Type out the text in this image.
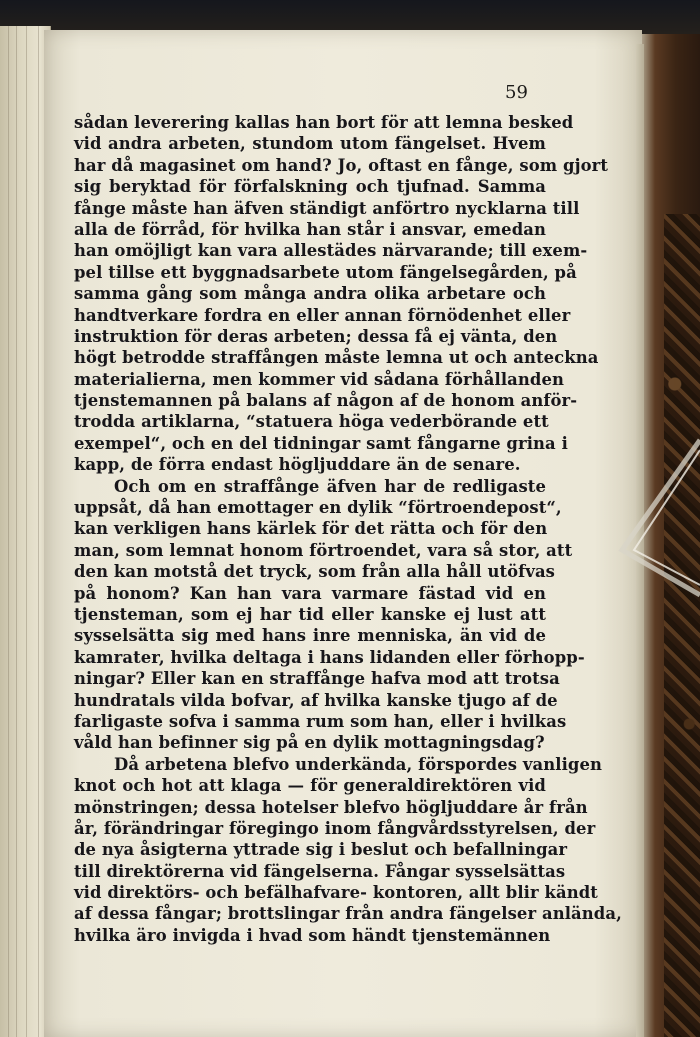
59
sådan leverering kallas han bort för att lemna besked
vid andra arbeten, stundom utom fängelset. Hvem
har då magasinet om hand? Jo, oftast en fånge, som gjort
sig beryktad för förfalskning och tjufnad. Samma
fånge måste han äfven ständigt anförtro nycklarna till
alla de förråd, för hvilka han står i ansvar, emedan
han omöjligt kan vara allestädes närvarande; till exem-
pel tillse ett byggnadsarbete utom fängelsegården, på
samma gång som många andra olika arbetare och
handtverkare fordra en eller annan förnödenhet eller
instruktion för deras arbeten; dessa få ej vänta, den
högt betrodde straffången måste lemna ut och anteckna
materialierna, men kommer vid sådana förhållanden
tjenstemannen på balans af någon af de honom anför-
trodda artiklarna, “statuera höga vederbörande ett
exempel“, och en del tidningar samt fångarne grina i
kapp, de förra endast högljuddare än de senare.
Och om en straffånge äfven har de redligaste
uppsåt, då han emottager en dylik “förtroendepost“,
kan verkligen hans kärlek för det rätta och för den
man, som lemnat honom förtroendet, vara så stor, att
den kan motstå det tryck, som från alla håll utöfvas
på honom? Kan han vara varmare fästad vid en
tjensteman, som ej har tid eller kanske ej lust att
sysselsätta sig med hans inre menniska, än vid de
kamrater, hvilka deltaga i hans lidanden eller förhopp-
ningar? Eller kan en straffånge hafva mod att trotsa
hundratals vilda bofvar, af hvilka kanske tjugo af de
farligaste sofva i samma rum som han, eller i hvilkas
våld han befinner sig på en dylik mottagningsdag?
Då arbetena blefvo underkända, förspordes vanligen
knot och hot att klaga — för generaldirektören vid
mönstringen; dessa hotelser blefvo högljuddare år från
år, förändringar föregingo inom fångvårdsstyrelsen, der
de nya åsigterna yttrade sig i beslut och befallningar
till direktörerna vid fängelserna. Fångar sysselsättas
vid direktörs- och befälhafvare- kontoren, allt blir kändt
af dessa fångar; brottslingar från andra fängelser anlända,
hvilka äro invigda i hvad som händt tjenstemännen
